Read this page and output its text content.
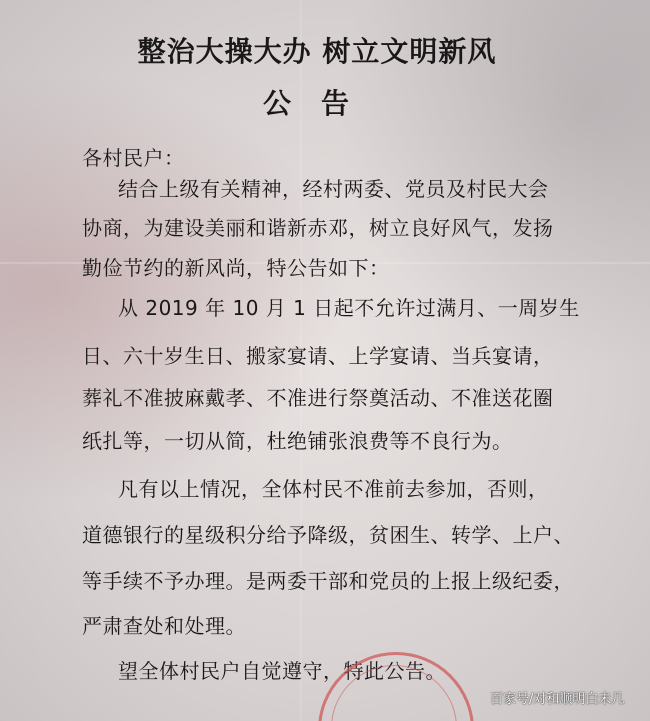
整治大操大办 树立文明新风
公告
各村民户：
结合上级有关精神，经村两委、党员及村民大会
协商，为建设美丽和谐新赤邓，树立良好风气，发扬
勤俭节约的新风尚，特公告如下：
从 2019 年 10 月 1 日起不允许过满月、一周岁生
日、六十岁生日、搬家宴请、上学宴请、当兵宴请，
葬礼不准披麻戴孝、不准进行祭奠活动、不准送花圈
纸扎等，一切从简，杜绝铺张浪费等不良行为。
凡有以上情况，全体村民不准前去参加，否则，
道德银行的星级积分给予降级，贫困生、转学、上户、
等手续不予办理。是两委干部和党员的上报上级纪委，
严肃查处和处理。
望全体村民户自觉遵守，特此公告。
百家号/对和顺明白未几
